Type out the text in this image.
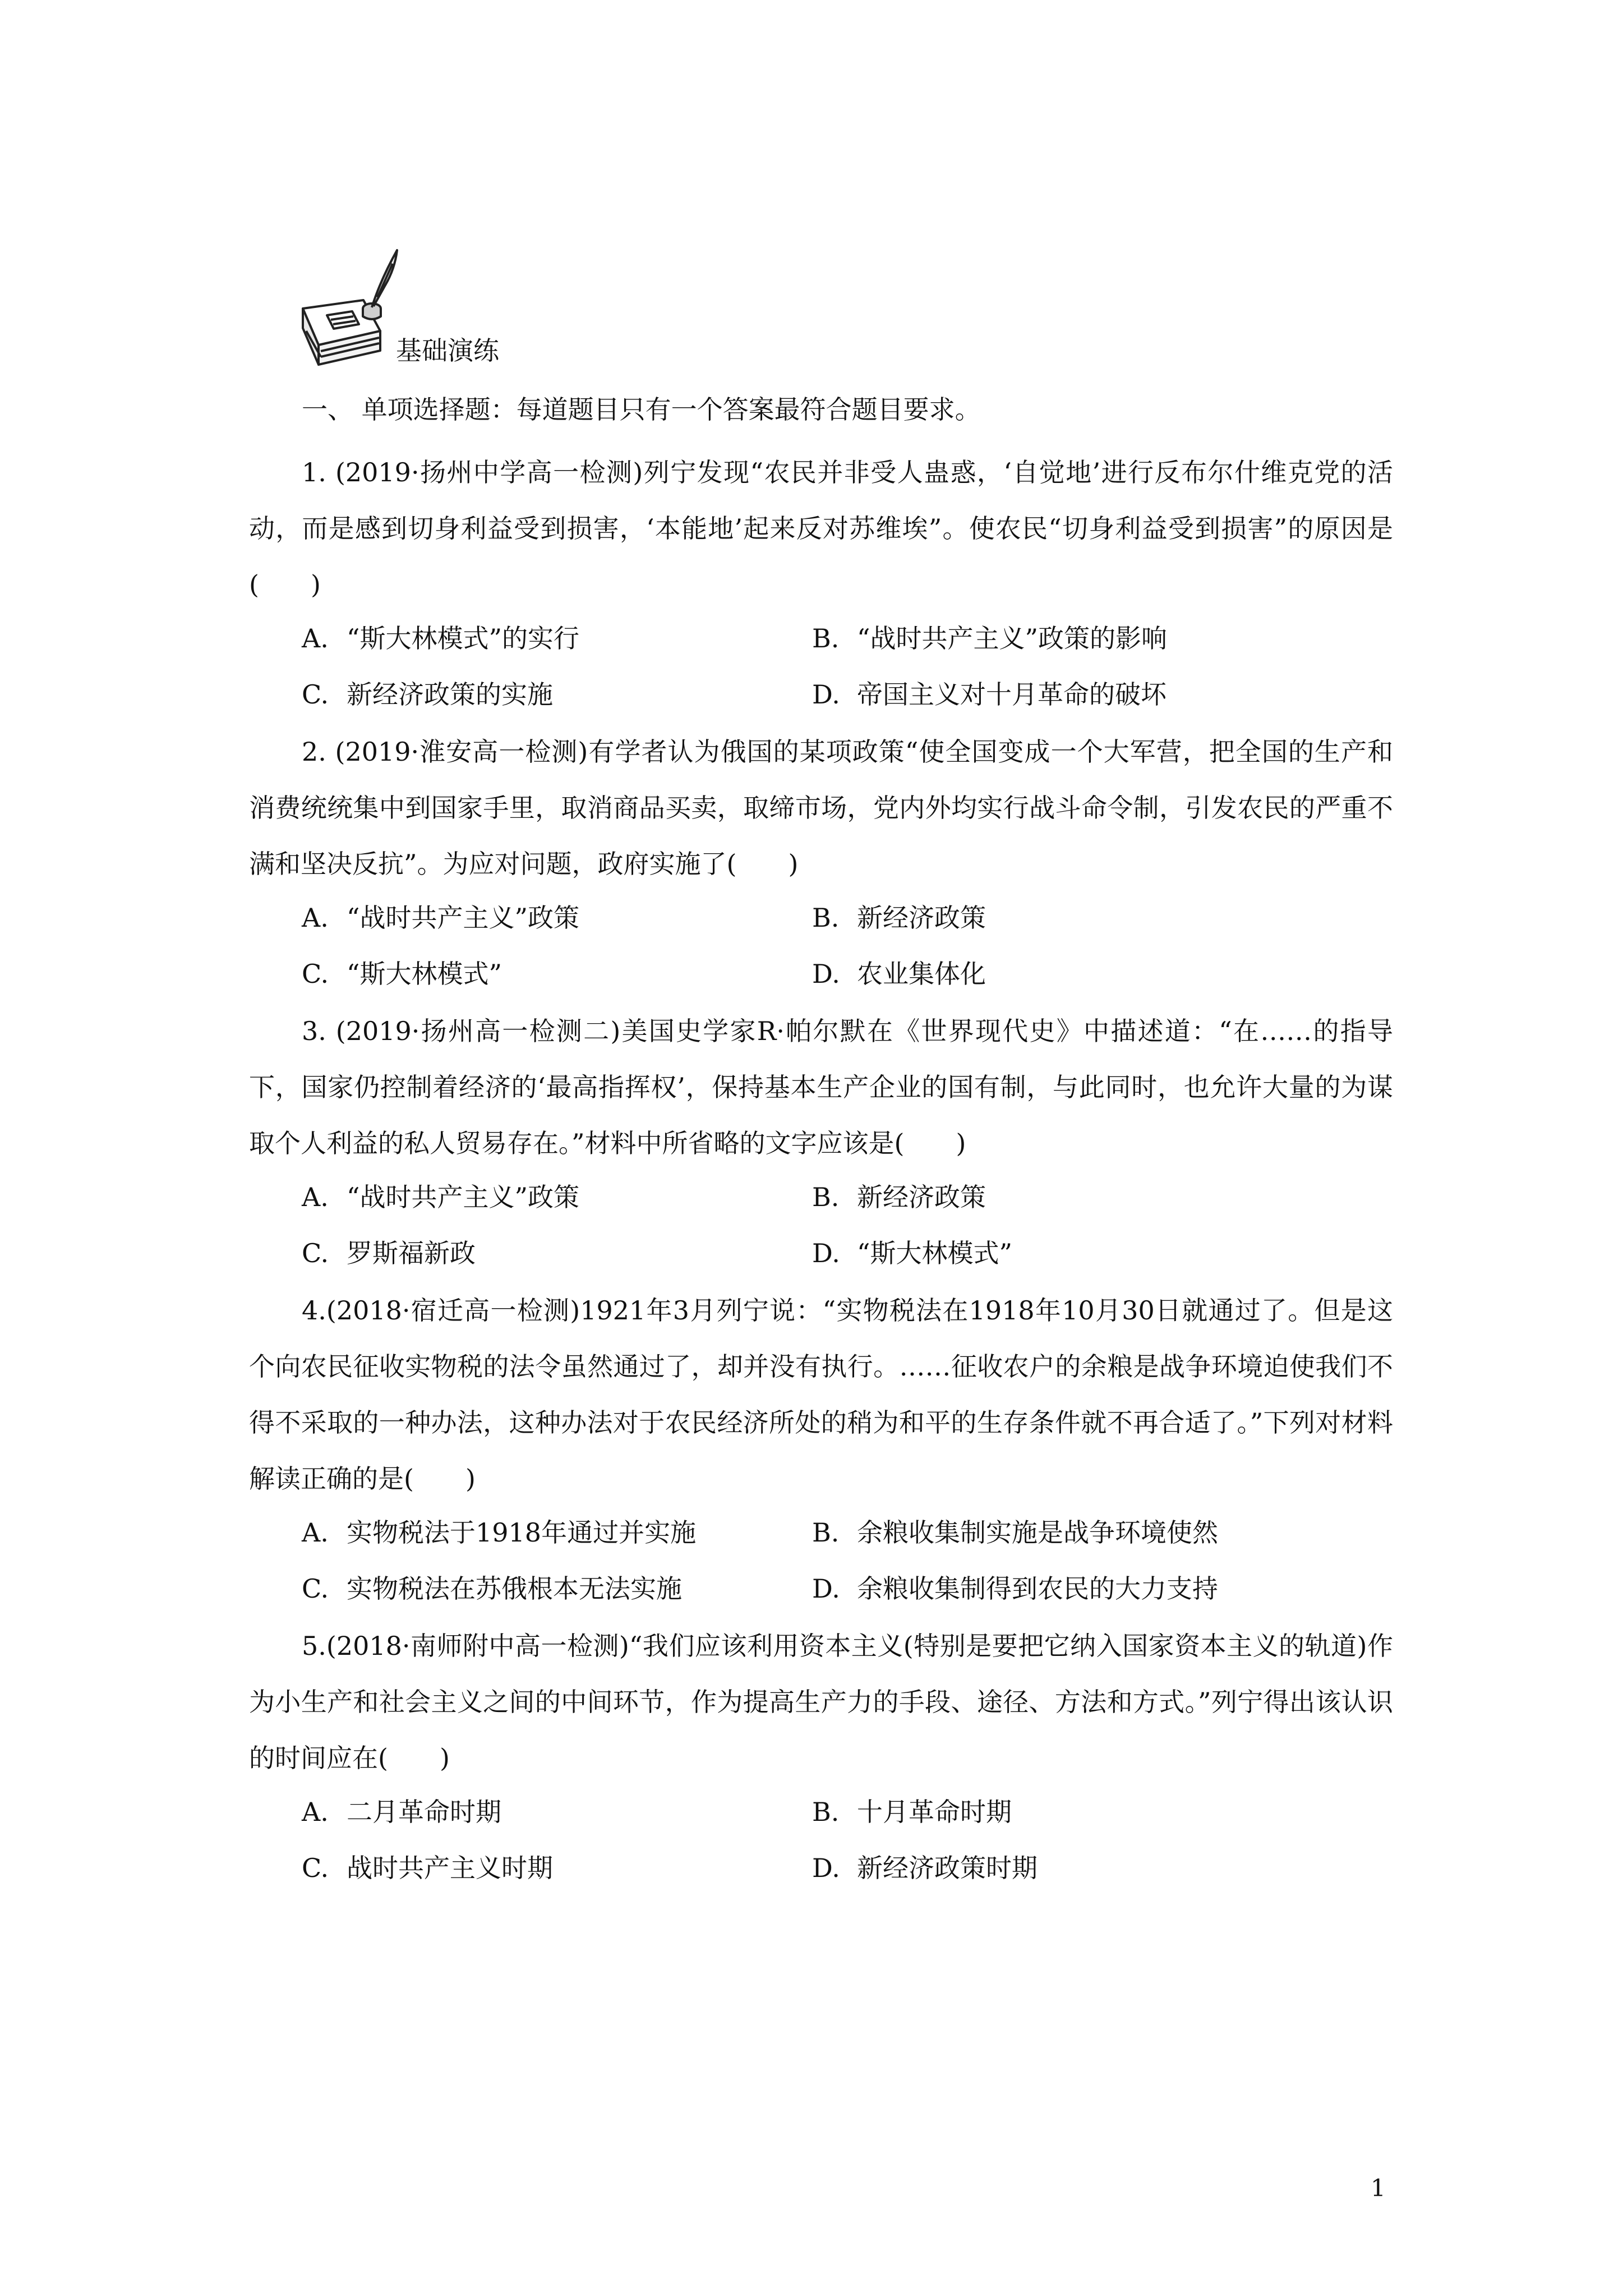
基础演练
一、 单项选择题：每道题目只有一个答案最符合题目要求。
1. (2019·扬州中学高一检测)列宁发现“农民并非受人蛊惑，‘自觉地’进行反布尔什维克党的活动，而是感到切身利益受到损害，‘本能地’起来反对苏维埃”。使农民“切身利益受到损害”的原因是(　　)
A. “斯大林模式”的实行	B. “战时共产主义”政策的影响
C. 新经济政策的实施	D. 帝国主义对十月革命的破坏
2. (2019·淮安高一检测)有学者认为俄国的某项政策“使全国变成一个大军营，把全国的生产和消费统统集中到国家手里，取消商品买卖，取缔市场，党内外均实行战斗命令制，引发农民的严重不满和坚决反抗”。为应对问题，政府实施了(　　)
A. “战时共产主义”政策	B. 新经济政策
C. “斯大林模式”	D. 农业集体化
3. (2019·扬州高一检测二)美国史学家R·帕尔默在《世界现代史》中描述道：“在……的指导下，国家仍控制着经济的‘最高指挥权’，保持基本生产企业的国有制，与此同时，也允许大量的为谋取个人利益的私人贸易存在。”材料中所省略的文字应该是(　　)
A. “战时共产主义”政策	B. 新经济政策
C. 罗斯福新政	D. “斯大林模式”
4.(2018·宿迁高一检测)1921年3月列宁说：“实物税法在1918年10月30日就通过了。但是这个向农民征收实物税的法令虽然通过了，却并没有执行。……征收农户的余粮是战争环境迫使我们不得不采取的一种办法，这种办法对于农民经济所处的稍为和平的生存条件就不再合适了。”下列对材料解读正确的是(　　)
A. 实物税法于1918年通过并实施	B. 余粮收集制实施是战争环境使然
C. 实物税法在苏俄根本无法实施	D. 余粮收集制得到农民的大力支持
5.(2018·南师附中高一检测)“我们应该利用资本主义(特别是要把它纳入国家资本主义的轨道)作为小生产和社会主义之间的中间环节，作为提高生产力的手段、途径、方法和方式。”列宁得出该认识的时间应在(　　)
A. 二月革命时期	B. 十月革命时期
C. 战时共产主义时期	D. 新经济政策时期
1
